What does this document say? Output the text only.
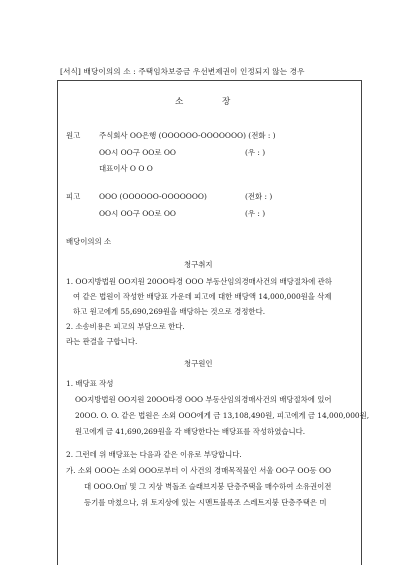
[서식] 배당이의의 소 : 주택임차보증금 우선변제권이 인정되지 않는 경우
소	장
원고	주식회사 OO은행 (OOOOOO-OOOOOOO) (전화 : )
OO시 OO구 OO로 OO	(우 : )
대표이사 O O O
피고	OOO (OOOOOO-OOOOOOO)	(전화 : )
OO시 OO구 OO로 OO	(우 : )
배당이의의 소
청구취지
1. OO지방법원 OO지원 20OO타경 OOO 부동산임의경매사건의 배당절차에 관하
여 같은 법원이 작성한 배당표 가운데 피고에 대한 배당액 14,000,000원을 삭제
하고 원고에게 55,690,269원을 배당하는 것으로 경정한다.
2. 소송비용은 피고의 부담으로 한다.
라는 판결을 구합니다.
청구원인
1. 배당표 작성
OO지방법원 OO지원 20OO타경 OOO 부동산임의경매사건의 배당절차에 있어
20OO. O. O. 같은 법원은 소외 OOO에게 금 13,108,490원, 피고에게 금 14,000,000원,
원고에게 금 41,690,269원을 각 배당한다는 배당표를 작성하였습니다.
2. 그런데 위 배당표는 다음과 같은 이유로 부당합니다.
가. 소외 OOO는 소외 OOO로부터 이 사건의 경매목적물인 서울 OO구 OO동 OO
대 OOO.O㎡ 및 그 지상 벽돌조 슬래브지붕 단층주택을 매수하여 소유권이전
등기를 마쳤으나, 위 토지상에 있는 시멘트블록조 스레트지붕 단층주택은 미
